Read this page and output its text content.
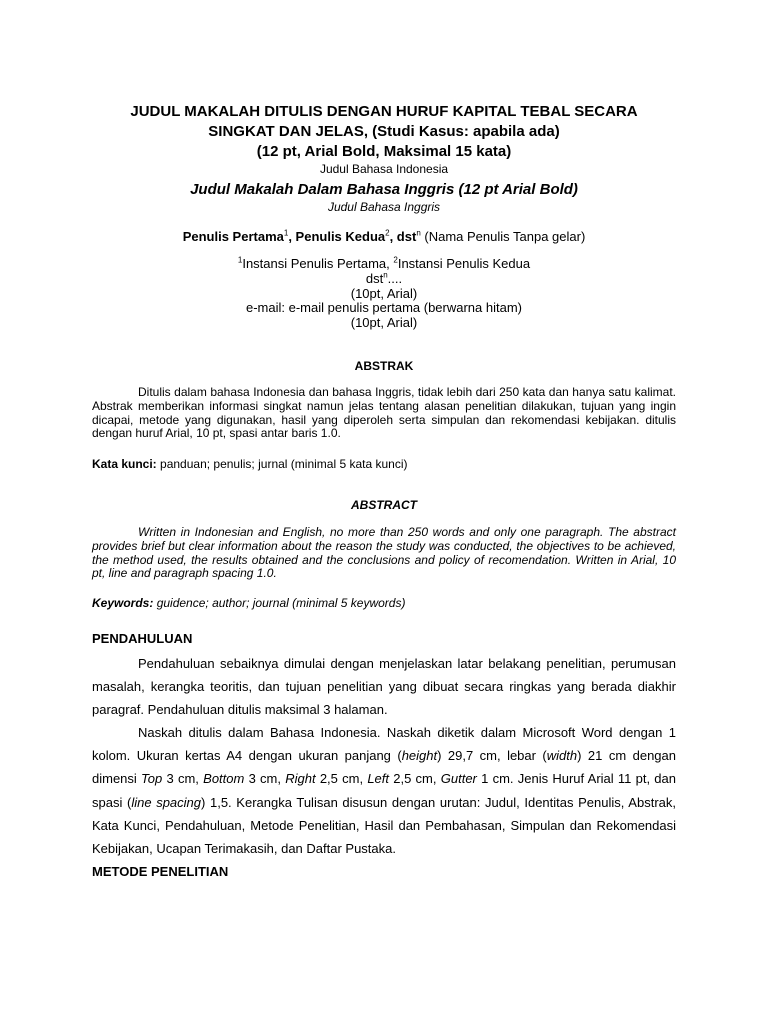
JUDUL MAKALAH DITULIS DENGAN HURUF KAPITAL TEBAL SECARA
SINGKAT DAN JELAS, (Studi Kasus: apabila ada)
(12 pt, Arial Bold, Maksimal 15 kata)
Judul Bahasa Indonesia
Judul Makalah Dalam Bahasa Inggris (12 pt Arial Bold)
Judul Bahasa Inggris
Penulis Pertama$^1$, Penulis Kedua$^2$, dst$^n$ (Nama Penulis Tanpa gelar)
$^1$Instansi Penulis Pertama, $^2$Instansi Penulis Kedua
dst$^n$....
(10pt, Arial)
e-mail: e-mail penulis pertama (berwarna hitam)
(10pt, Arial)
ABSTRAK
Ditulis dalam bahasa Indonesia dan bahasa Inggris, tidak lebih dari 250 kata dan hanya satu kalimat. Abstrak memberikan informasi singkat namun jelas tentang alasan penelitian dilakukan, tujuan yang ingin dicapai, metode yang digunakan, hasil yang diperoleh serta simpulan dan rekomendasi kebijakan. ditulis dengan huruf Arial, 10 pt, spasi antar baris 1.0.
Kata kunci: panduan; penulis; jurnal (minimal 5 kata kunci)
ABSTRACT
Written in Indonesian and English, no more than 250 words and only one paragraph. The abstract provides brief but clear information about the reason the study was conducted, the objectives to be achieved, the method used, the results obtained and the conclusions and policy of recomendation. Written in Arial, 10 pt, line and paragraph spacing 1.0.
Keywords: guidence; author; journal (minimal 5 keywords)
PENDAHULUAN
Pendahuluan sebaiknya dimulai dengan menjelaskan latar belakang penelitian, perumusan masalah, kerangka teoritis, dan tujuan penelitian yang dibuat secara ringkas yang berada diakhir paragraf. Pendahuluan ditulis maksimal 3 halaman.
Naskah ditulis dalam Bahasa Indonesia. Naskah diketik dalam Microsoft Word dengan 1 kolom. Ukuran kertas A4 dengan ukuran panjang (height) 29,7 cm, lebar (width) 21 cm dengan dimensi Top 3 cm, Bottom 3 cm, Right 2,5 cm, Left 2,5 cm, Gutter 1 cm. Jenis Huruf Arial 11 pt, dan spasi (line spacing) 1,5. Kerangka Tulisan disusun dengan urutan: Judul, Identitas Penulis, Abstrak, Kata Kunci, Pendahuluan, Metode Penelitian, Hasil dan Pembahasan, Simpulan dan Rekomendasi Kebijakan, Ucapan Terimakasih, dan Daftar Pustaka.
METODE PENELITIAN
